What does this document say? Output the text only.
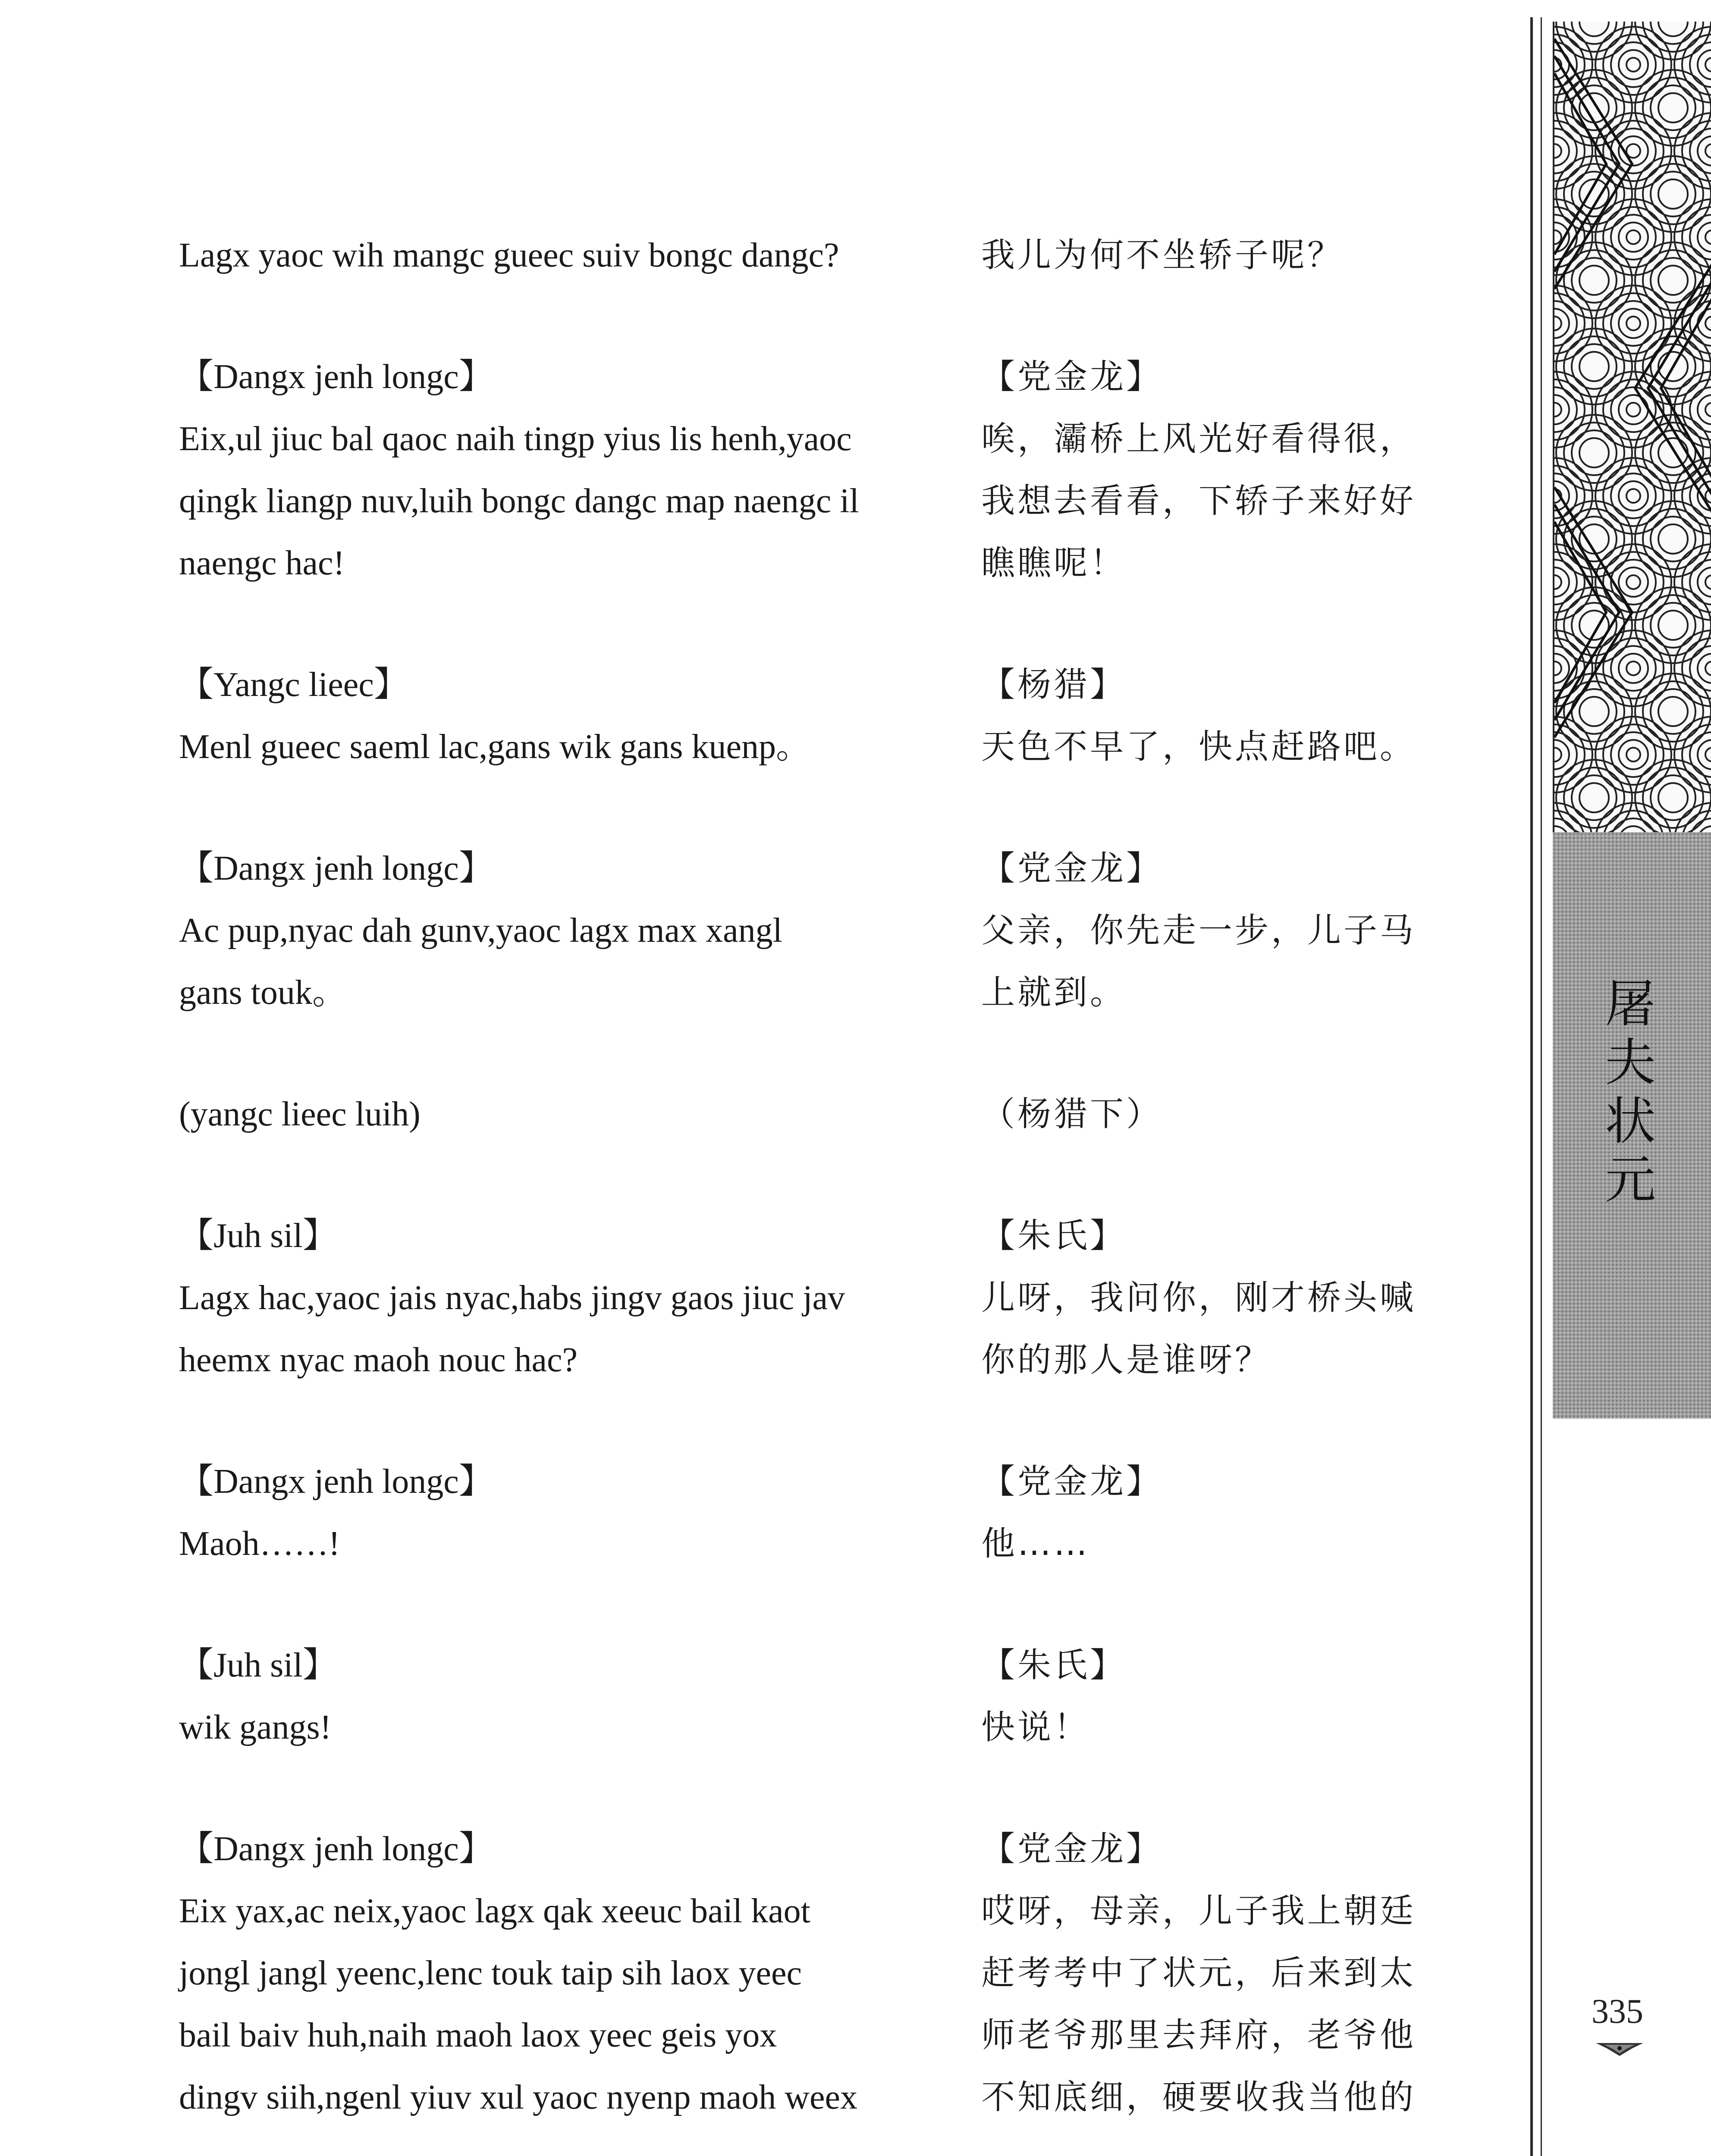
Lagx yaoc wih mangc gueec suiv bongc dangc?	我儿为何不坐轿子呢？
【Dangx jenh longc】
Eix,ul jiuc bal qaoc naih tingp yius lis henh,yaoc
qingk liangp nuv,luih bongc dangc map naengc il
naengc hac!
【党金龙】
唉，灞桥上风光好看得很，
我想去看看，下轿子来好好
瞧瞧呢！
【Yangc lieec】
Menl gueec saeml lac,gans wik gans kuenp。
【杨猎】
天色不早了，快点赶路吧。
【Dangx jenh longc】
Ac pup,nyac dah gunv,yaoc lagx max xangl
gans touk。
【党金龙】
父亲，你先走一步，儿子马
上就到。
(yangc lieec luih)	（杨猎下）
【Juh sil】
Lagx hac,yaoc jais nyac,habs jingv gaos jiuc jav
heemx nyac maoh nouc hac?
【朱氏】
儿呀，我问你，刚才桥头喊
你的那人是谁呀？
【Dangx jenh longc】
Maoh……!
【党金龙】
他……
【Juh sil】
wik gangs!
【朱氏】
快说！
【Dangx jenh longc】
Eix yax,ac neix,yaoc lagx qak xeeuc bail kaot
jongl jangl yeenc,lenc touk taip sih laox yeec
bail baiv huh,naih maoh laox yeec geis yox
dingv siih,ngenl yiuv xul yaoc nyenp maoh weex
【党金龙】
哎呀，母亲，儿子我上朝廷
赶考考中了状元，后来到太
师老爷那里去拜府，老爷他
不知底细，硬要收我当他的
屠
夫
状
元
335
